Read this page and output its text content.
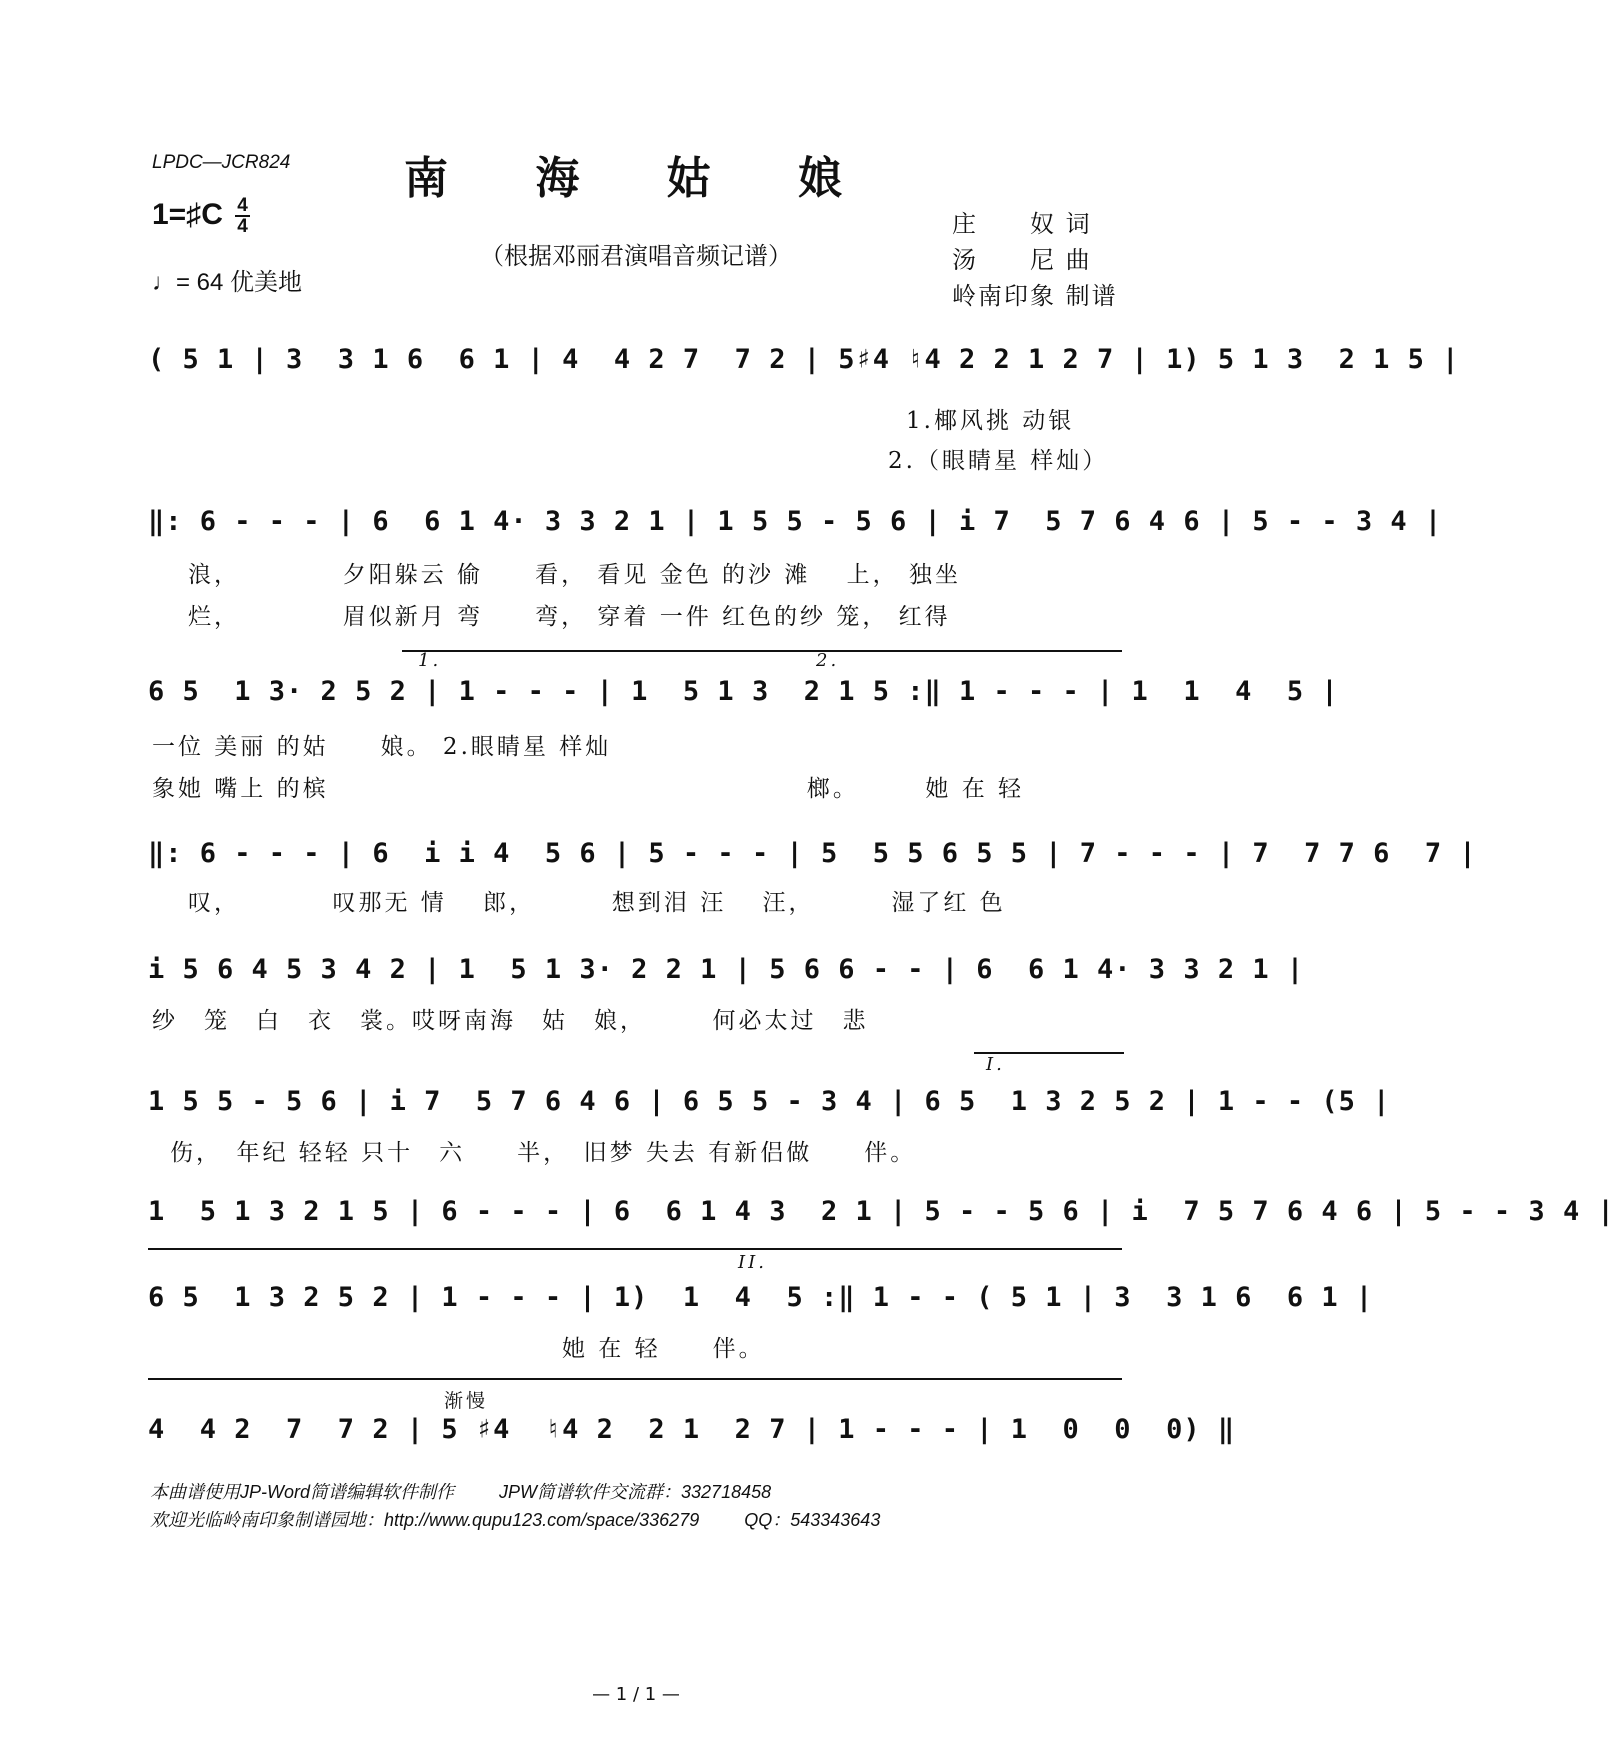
LPDC—JCR824	南 海 姑 娘
（根据邓丽君演唱音频记谱）
1=♯C $\frac{4}{4}$
♩= 64 优美地
庄　　奴 词
汤　　尼 曲
岭南印象 制谱
( 5 1 | 3  3 1 6  6 1 | 4  4 2 7  7 2 | 5♯4 ♮4 2 2 1 2 7 | 1) 5 1 3  2 1 5 |
1.椰风挑 动银
2.（眼睛星 样灿）
‖: 6 - - - | 6  6 1 4· 3 3 2 1 | 1 5 5 - 5 6 | i 7  5 7 6 4 6 | 5 - - 3 4 |
浪，　　　　 夕阳躲云 偷　　看， 看见 金色 的沙 滩　 上， 独坐
烂，　　　　 眉似新月 弯　　弯， 穿着 一件 红色的纱 笼， 红得
1.	2.
6 5  1 3· 2 5 2 | 1 - - - | 1  5 1 3  2 1 5 :‖ 1 - - - | 1  1  4  5 |
一位 美丽 的姑　　娘。 2.眼睛星 样灿
象她 嘴上 的槟　　　　　　　　　　　　　　　　　　 榔。　　　她 在 轻
‖: 6 - - - | 6  i i 4  5 6 | 5 - - - | 5  5 5 6 5 5 | 7 - - - | 7  7 7 6  7 |
叹，　　　　叹那无 情　 郎，　　　 想到泪 汪　 汪，　　　 湿了红 色
i 5 6 4 5 3 4 2 | 1  5 1 3· 2 2 1 | 5 6 6 - - | 6  6 1 4· 3 3 2 1 |
纱　笼　白　衣　裳。哎呀南海　姑　娘，　　　何必太过　悲
I.
1 5 5 - 5 6 | i 7  5 7 6 4 6 | 6 5 5 - 3 4 | 6 5  1 3 2 5 2 | 1 - - (5 |
伤，　年纪 轻轻 只十　六　　半，　旧梦 失去 有新侣做　　伴。
1  5 1 3 2 1 5 | 6 - - - | 6  6 1 4 3  2 1 | 5 - - 5 6 | i  7 5 7 6 4 6 | 5 - - 3 4 |
II.
6 5  1 3 2 5 2 | 1 - - - | 1)  1  4  5 :‖ 1 - - ( 5 1 | 3  3 1 6  6 1 |
她 在 轻　　伴。
渐慢
4  4 2  7  7 2 | 5 ♯4  ♮4 2  2 1  2 7 | 1 - - - | 1  0  0  0) ‖
本曲谱使用JP-Word简谱编辑软件制作	JPW简谱软件交流群：332718458
欢迎光临岭南印象制谱园地：http://www.qupu123.com/space/336279	QQ：543343643
— 1 / 1 —
